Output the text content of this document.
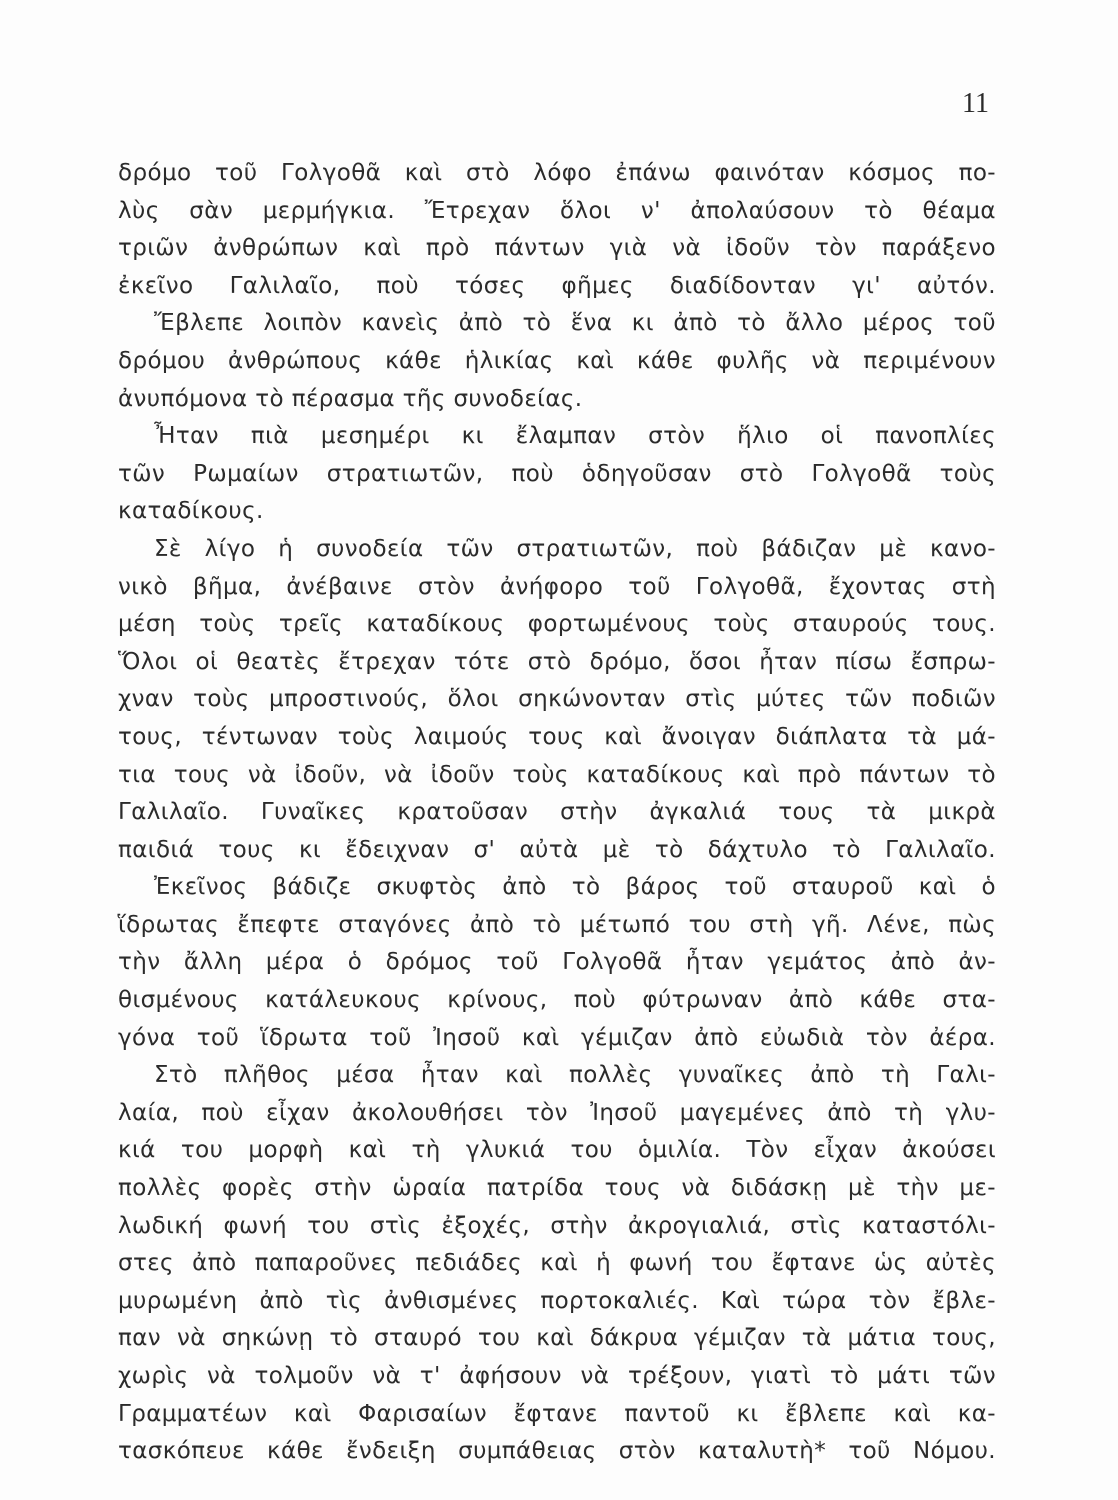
11
δρόμο τοῦ Γολγοθᾶ καὶ στὸ λόφο ἐπάνω φαινόταν κόσμος πο-
λὺς σὰν μερμήγκια. Ἔτρεχαν ὅλοι ν' ἀπολαύσουν τὸ θέαμα
τριῶν ἀνθρώπων καὶ πρὸ πάντων γιὰ νὰ ἰδοῦν τὸν παράξενο
ἐκεῖνο Γαλιλαῖο, ποὺ τόσες φῆμες διαδίδονταν γι' αὐτόν.
Ἔβλεπε λοιπὸν κανεὶς ἀπὸ τὸ ἕνα κι ἀπὸ τὸ ἄλλο μέρος τοῦ
δρόμου ἀνθρώπους κάθε ἡλικίας καὶ κάθε φυλῆς νὰ περιμένουν
ἀνυπόμονα τὸ πέρασμα τῆς συνοδείας.
Ἦταν πιὰ μεσημέρι κι ἔλαμπαν στὸν ἥλιο οἱ πανοπλίες
τῶν Ρωμαίων στρατιωτῶν, ποὺ ὁδηγοῦσαν στὸ Γολγοθᾶ τοὺς
καταδίκους.
Σὲ λίγο ἡ συνοδεία τῶν στρατιωτῶν, ποὺ βάδιζαν μὲ κανο-
νικὸ βῆμα, ἀνέβαινε στὸν ἀνήφορο τοῦ Γολγοθᾶ, ἔχοντας στὴ
μέση τοὺς τρεῖς καταδίκους φορτωμένους τοὺς σταυρούς τους.
Ὅλοι οἱ θεατὲς ἔτρεχαν τότε στὸ δρόμο, ὅσοι ἦταν πίσω ἔσπρω-
χναν τοὺς μπροστινούς, ὅλοι σηκώνονταν στὶς μύτες τῶν ποδιῶν
τους, τέντωναν τοὺς λαιμούς τους καὶ ἄνοιγαν διάπλατα τὰ μά-
τια τους νὰ ἰδοῦν, νὰ ἰδοῦν τοὺς καταδίκους καὶ πρὸ πάντων τὸ
Γαλιλαῖο. Γυναῖκες κρατοῦσαν στὴν ἀγκαλιά τους τὰ μικρὰ
παιδιά τους κι ἔδειχναν σ' αὐτὰ μὲ τὸ δάχτυλο τὸ Γαλιλαῖο.
Ἐκεῖνος βάδιζε σκυφτὸς ἀπὸ τὸ βάρος τοῦ σταυροῦ καὶ ὁ
ἵδρωτας ἔπεφτε σταγόνες ἀπὸ τὸ μέτωπό του στὴ γῆ. Λένε, πὼς
τὴν ἄλλη μέρα ὁ δρόμος τοῦ Γολγοθᾶ ἦταν γεμάτος ἀπὸ ἀν-
θισμένους κατάλευκους κρίνους, ποὺ φύτρωναν ἀπὸ κάθε στα-
γόνα τοῦ ἵδρωτα τοῦ Ἰησοῦ καὶ γέμιζαν ἀπὸ εὐωδιὰ τὸν ἀέρα.
Στὸ πλῆθος μέσα ἦταν καὶ πολλὲς γυναῖκες ἀπὸ τὴ Γαλι-
λαία, ποὺ εἶχαν ἀκολουθήσει τὸν Ἰησοῦ μαγεμένες ἀπὸ τὴ γλυ-
κιά του μορφὴ καὶ τὴ γλυκιά του ὁμιλία. Τὸν εἶχαν ἀκούσει
πολλὲς φορὲς στὴν ὡραία πατρίδα τους νὰ διδάσκῃ μὲ τὴν με-
λωδική φωνή του στὶς ἐξοχές, στὴν ἀκρογιαλιά, στὶς καταστόλι-
στες ἀπὸ παπαροῦνες πεδιάδες καὶ ἡ φωνή του ἔφτανε ὡς αὐτὲς
μυρωμένη ἀπὸ τὶς ἀνθισμένες πορτοκαλιές. Καὶ τώρα τὸν ἔβλε-
παν νὰ σηκώνῃ τὸ σταυρό του καὶ δάκρυα γέμιζαν τὰ μάτια τους,
χωρὶς νὰ τολμοῦν νὰ τ' ἀφήσουν νὰ τρέξουν, γιατὶ τὸ μάτι τῶν
Γραμματέων καὶ Φαρισαίων ἔφτανε παντοῦ κι ἔβλεπε καὶ κα-
τασκόπευε κάθε ἔνδειξη συμπάθειας στὸν καταλυτὴ* τοῦ Νόμου.
